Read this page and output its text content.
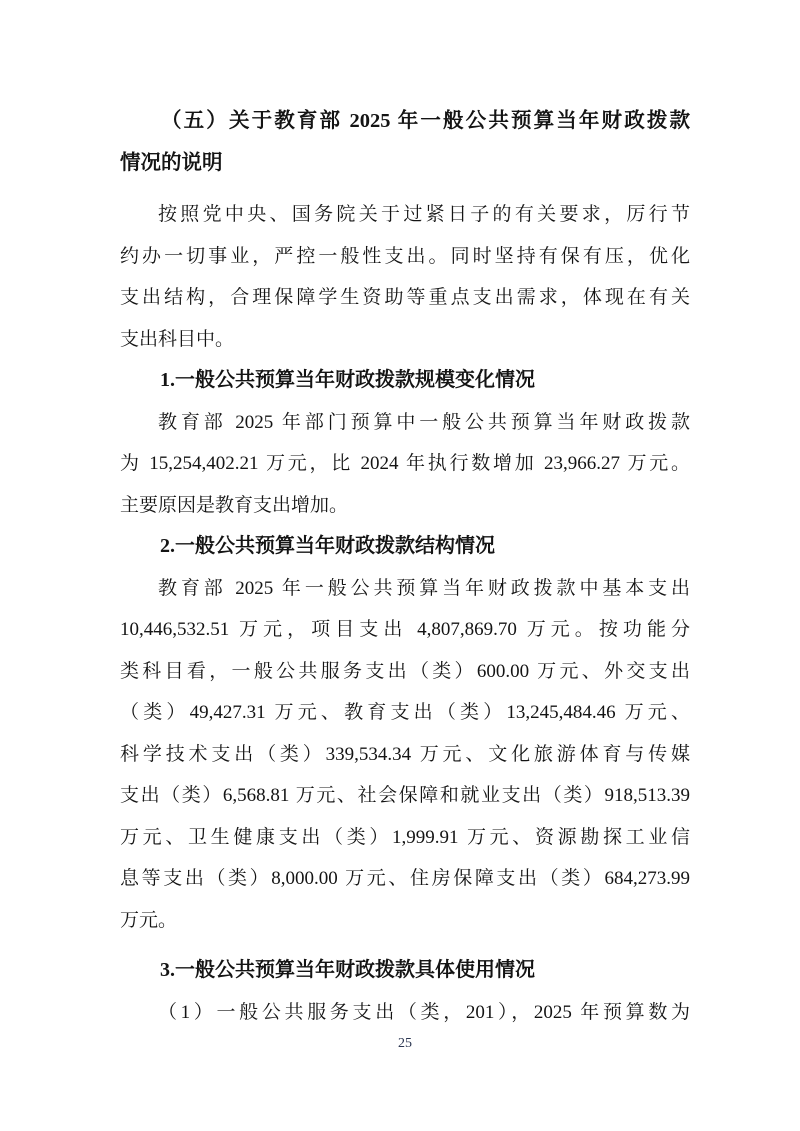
（五）关于教育部 2025 年一般公共预算当年财政拨款
情况的说明
按照党中央、国务院关于过紧日子的有关要求，厉行节
约办一切事业，严控一般性支出。同时坚持有保有压，优化
支出结构，合理保障学生资助等重点支出需求，体现在有关
支出科目中。
1.一般公共预算当年财政拨款规模变化情况
教育部 2025 年部门预算中一般公共预算当年财政拨款
为 15,254,402.21 万元，比 2024 年执行数增加 23,966.27 万元。
主要原因是教育支出增加。
2.一般公共预算当年财政拨款结构情况
教育部 2025 年一般公共预算当年财政拨款中基本支出
10,446,532.51 万元，项目支出 4,807,869.70 万元。按功能分
类科目看，一般公共服务支出（类）600.00 万元、外交支出
（类）49,427.31 万元、教育支出（类）13,245,484.46 万元、
科学技术支出（类）339,534.34 万元、文化旅游体育与传媒
支出（类）6,568.81 万元、社会保障和就业支出（类）918,513.39
万元、卫生健康支出（类）1,999.91 万元、资源勘探工业信
息等支出（类）8,000.00 万元、住房保障支出（类）684,273.99
万元。
3.一般公共预算当年财政拨款具体使用情况
（1）一般公共服务支出（类，201），2025 年预算数为
25
